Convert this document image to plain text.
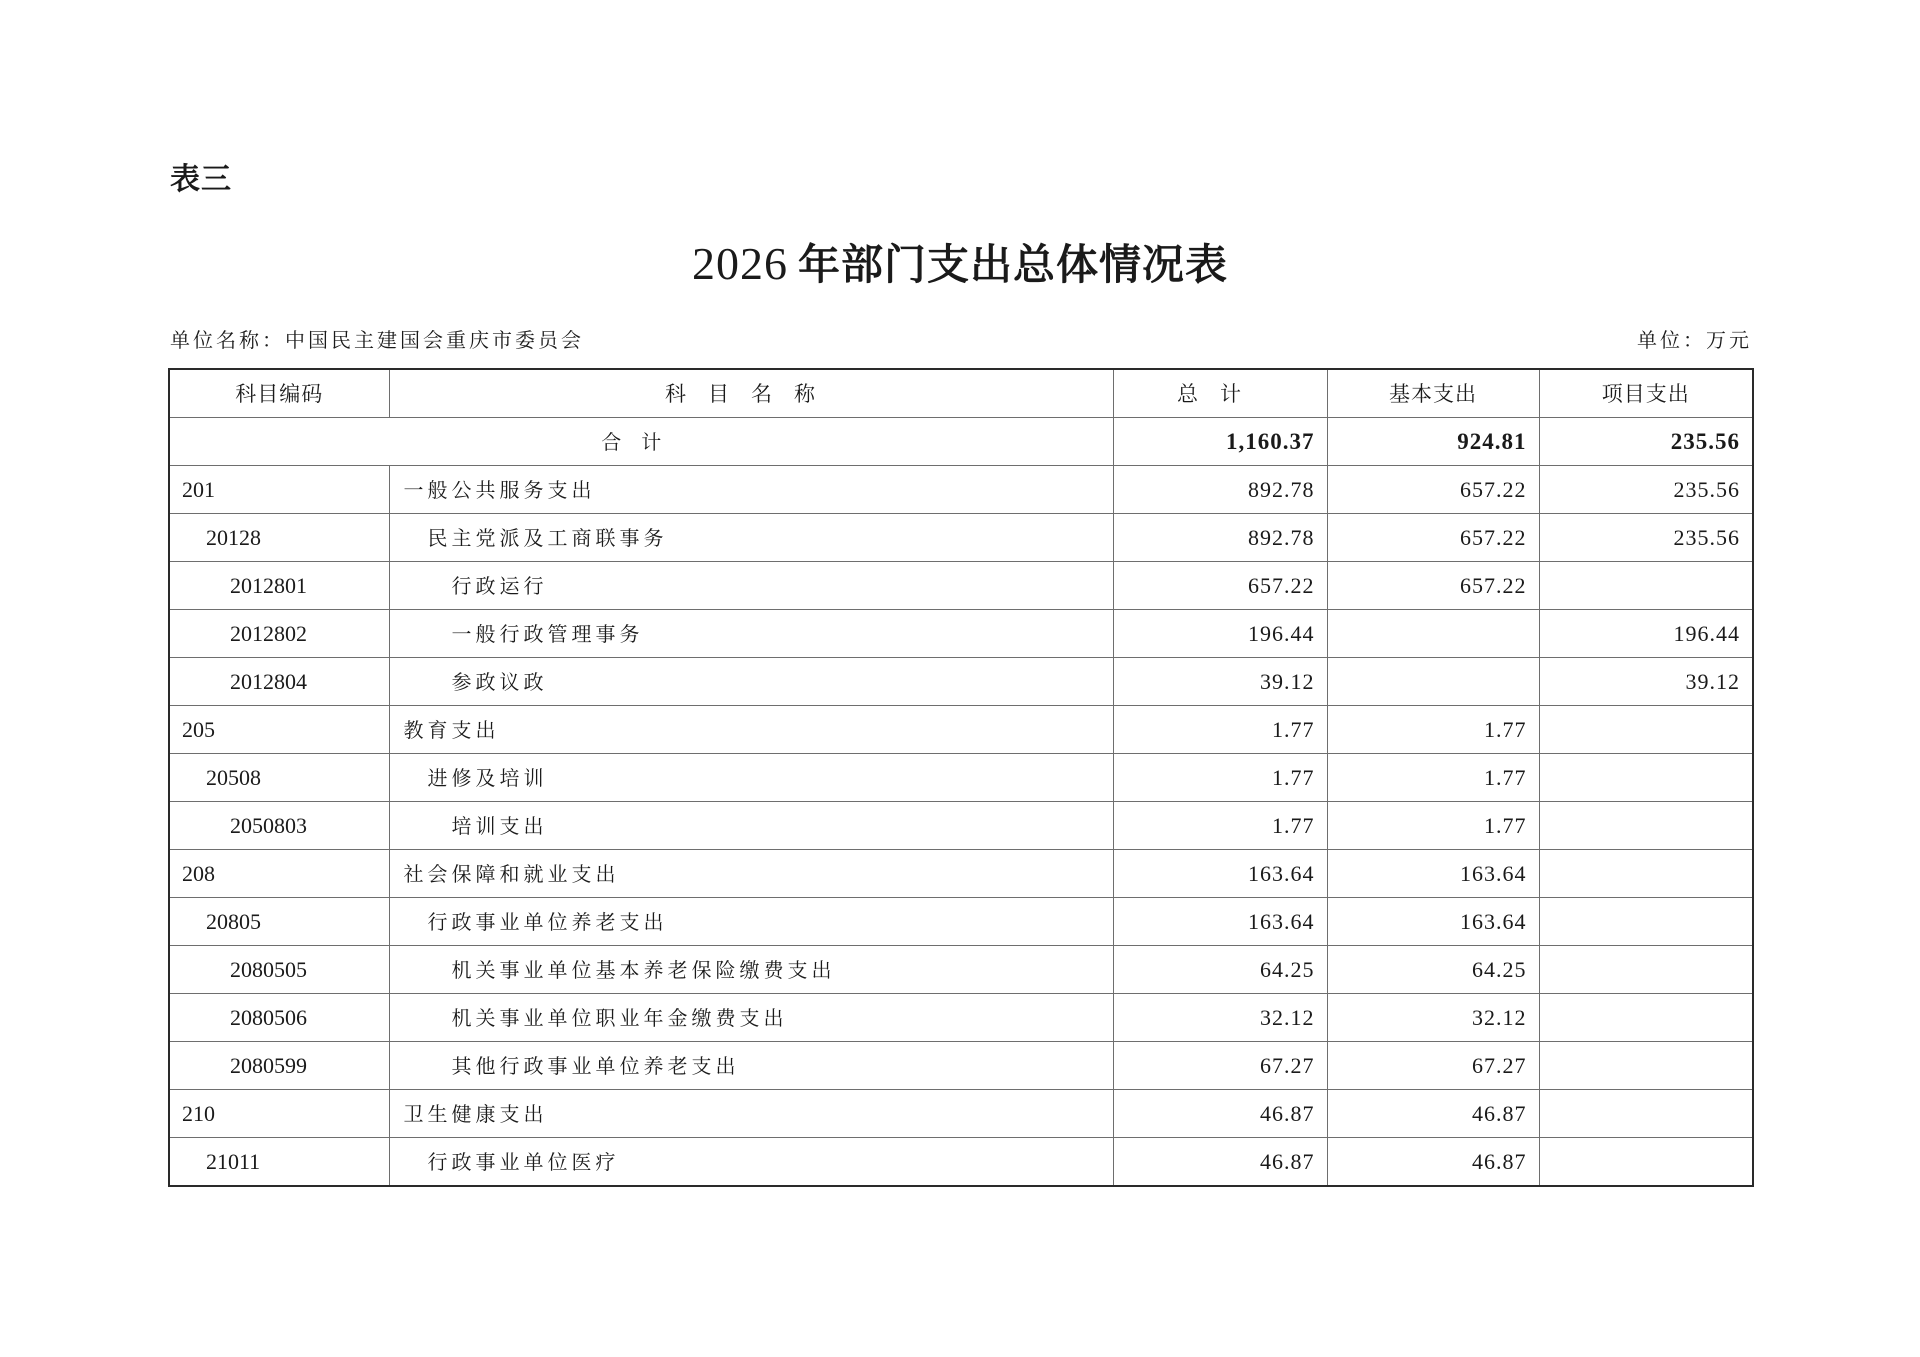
表三
2026 年部门支出总体情况表
单位名称：中国民主建国会重庆市委员会	单位：万元
科目编码	科目名称	总计	基本支出	项目支出
合计		1,160.37	924.81	235.56
201	一般公共服务支出	892.78	657.22	235.56
20128	民主党派及工商联事务	892.78	657.22	235.56
2012801	行政运行	657.22	657.22	
2012802	一般行政管理事务	196.44		196.44
2012804	参政议政	39.12		39.12
205	教育支出	1.77	1.77	
20508	进修及培训	1.77	1.77	
2050803	培训支出	1.77	1.77	
208	社会保障和就业支出	163.64	163.64	
20805	行政事业单位养老支出	163.64	163.64	
2080505	机关事业单位基本养老保险缴费支出	64.25	64.25	
2080506	机关事业单位职业年金缴费支出	32.12	32.12	
2080599	其他行政事业单位养老支出	67.27	67.27	
210	卫生健康支出	46.87	46.87	
21011	行政事业单位医疗	46.87	46.87	
